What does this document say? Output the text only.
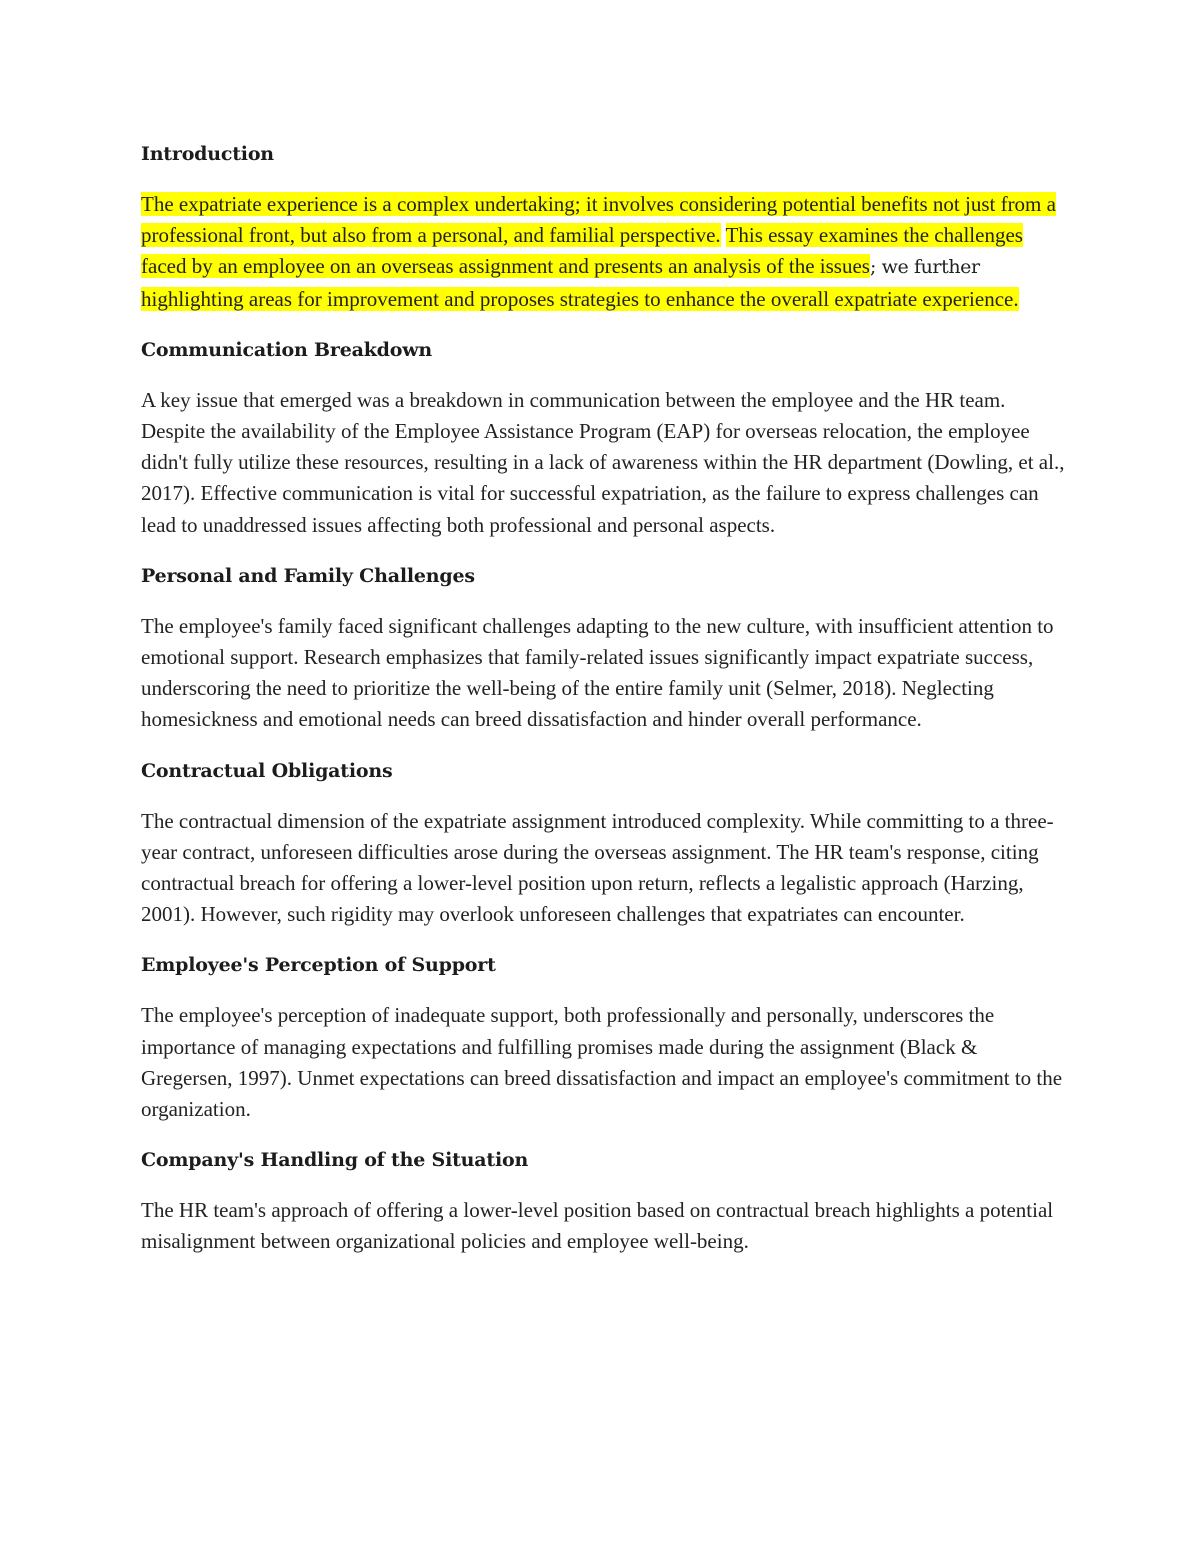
Introduction

The expatriate experience is a complex undertaking; it involves considering potential benefits not just from a professional front, but also from a personal, and familial perspective. This essay examines the challenges faced by an employee on an overseas assignment and presents an analysis of the issues; we further highlighting areas for improvement and proposes strategies to enhance the overall expatriate experience.

Communication Breakdown

A key issue that emerged was a breakdown in communication between the employee and the HR team. Despite the availability of the Employee Assistance Program (EAP) for overseas relocation, the employee didn't fully utilize these resources, resulting in a lack of awareness within the HR department (Dowling, et al., 2017). Effective communication is vital for successful expatriation, as the failure to express challenges can lead to unaddressed issues affecting both professional and personal aspects.

Personal and Family Challenges

The employee's family faced significant challenges adapting to the new culture, with insufficient attention to emotional support. Research emphasizes that family-related issues significantly impact expatriate success, underscoring the need to prioritize the well-being of the entire family unit (Selmer, 2018). Neglecting homesickness and emotional needs can breed dissatisfaction and hinder overall performance.

Contractual Obligations

The contractual dimension of the expatriate assignment introduced complexity. While committing to a three-year contract, unforeseen difficulties arose during the overseas assignment. The HR team's response, citing contractual breach for offering a lower-level position upon return, reflects a legalistic approach (Harzing, 2001). However, such rigidity may overlook unforeseen challenges that expatriates can encounter.

Employee's Perception of Support

The employee's perception of inadequate support, both professionally and personally, underscores the importance of managing expectations and fulfilling promises made during the assignment (Black & Gregersen, 1997). Unmet expectations can breed dissatisfaction and impact an employee's commitment to the organization.

Company's Handling of the Situation

The HR team's approach of offering a lower-level position based on contractual breach highlights a potential misalignment between organizational policies and employee well-being.
